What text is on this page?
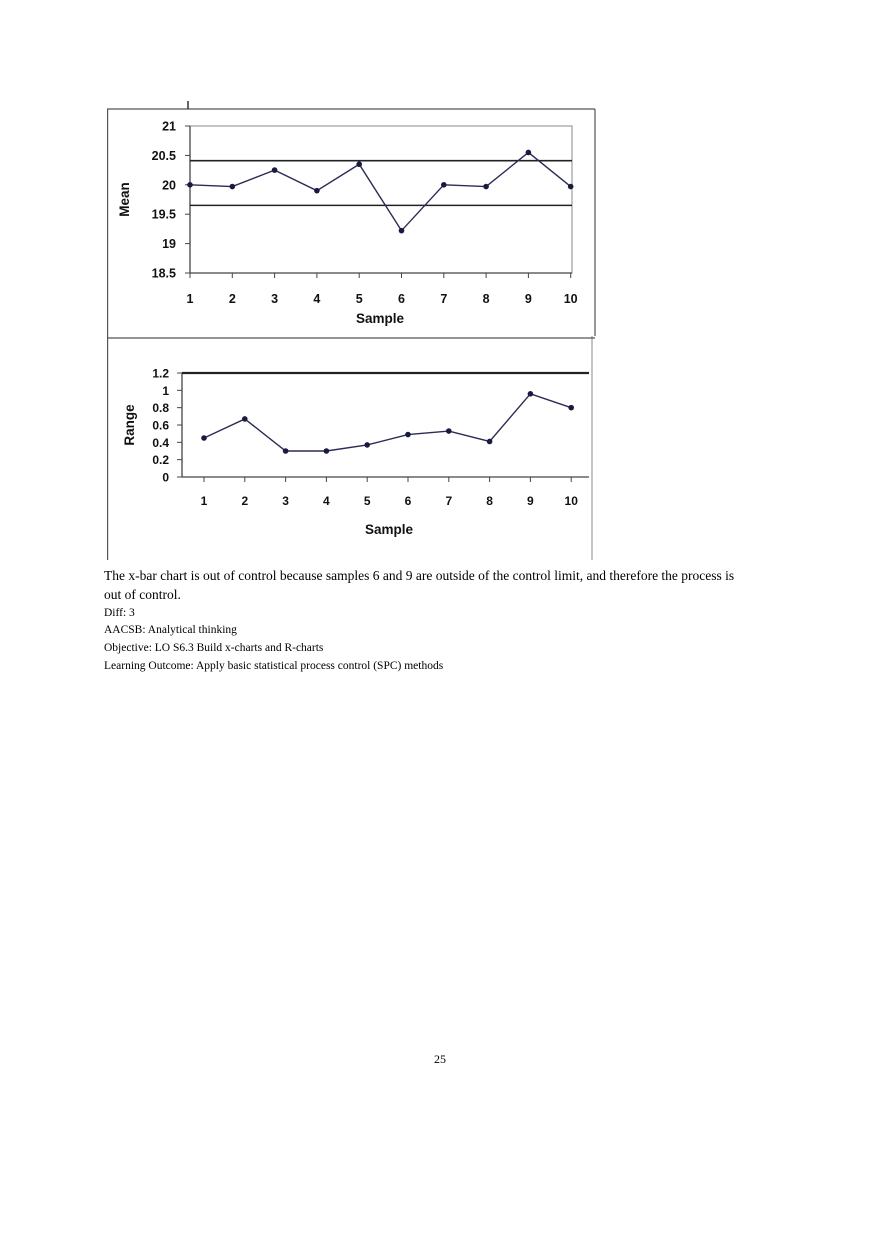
18.5
19
19.5
20
20.5
21
1	2	3	4	5	6	7	8	9	10
Sample
Mean
0
0.2
0.4
0.6
0.8
1
1.2
1	2	3	4	5	6	7	8	9	10
Sample
Range

The x-bar chart is out of control because samples 6 and 9 are outside of the control limit, and therefore the process is out of control.

Diff: 3

AACSB: Analytical thinking

Objective: LO S6.3 Build x-charts and R-charts

Learning Outcome: Apply basic statistical process control (SPC) methods

25
